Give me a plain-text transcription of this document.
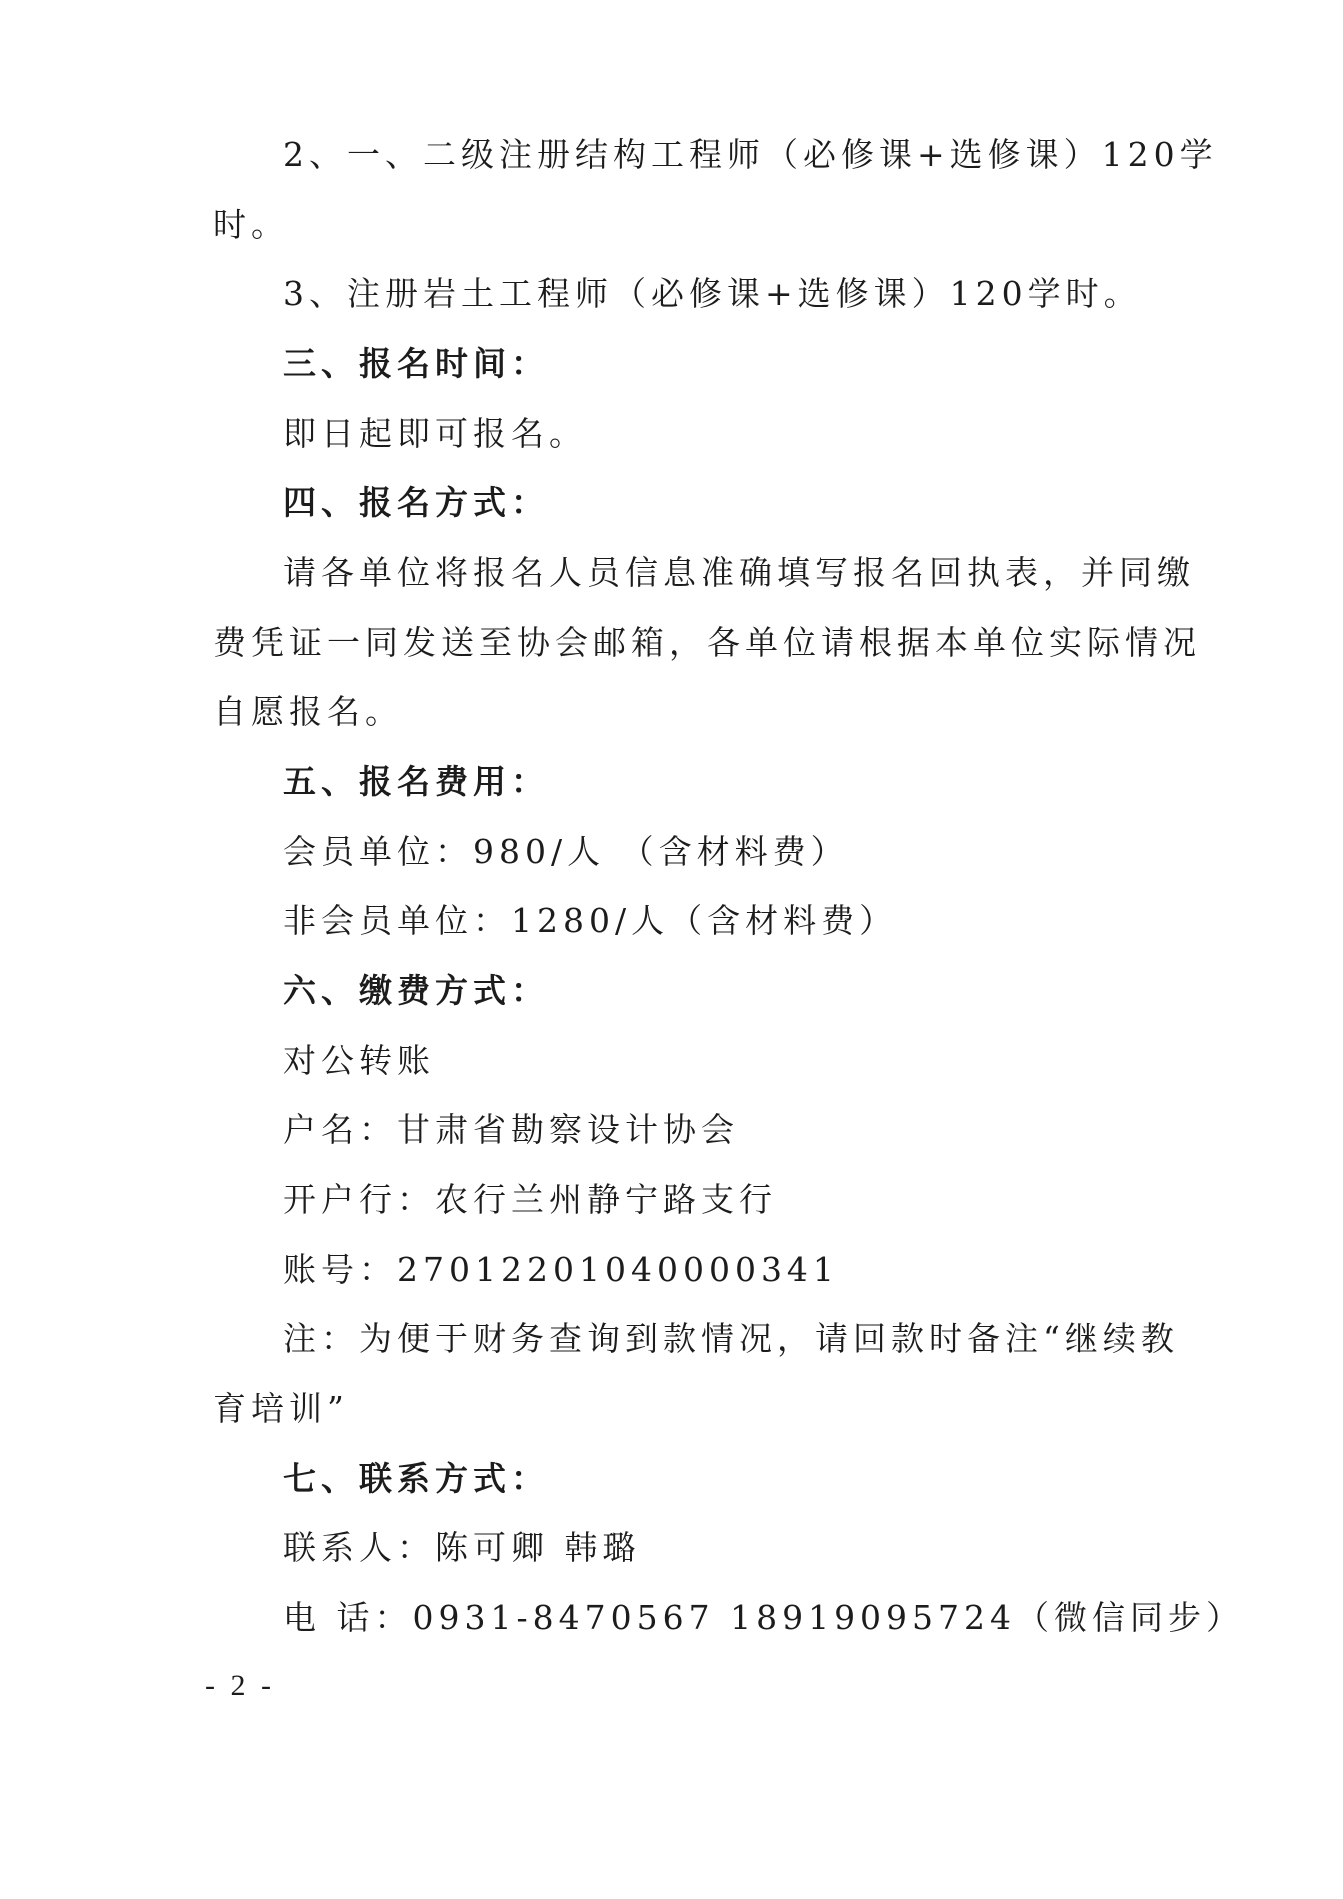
2、一、二级注册结构工程师（必修课+选修课）120学
时。
3、注册岩土工程师（必修课+选修课）120学时。
三、报名时间：
即日起即可报名。
四、报名方式：
请各单位将报名人员信息准确填写报名回执表，并同缴
费凭证一同发送至协会邮箱，各单位请根据本单位实际情况
自愿报名。
五、报名费用：
会员单位：980/人 （含材料费）
非会员单位：1280/人（含材料费）
六、缴费方式：
对公转账
户名：甘肃省勘察设计协会
开户行：农行兰州静宁路支行
账号：27012201040000341
注：为便于财务查询到款情况，请回款时备注“继续教
育培训”
七、联系方式：
联系人：陈可卿 韩璐
电 话：0931-8470567 18919095724（微信同步）
- 2 -
